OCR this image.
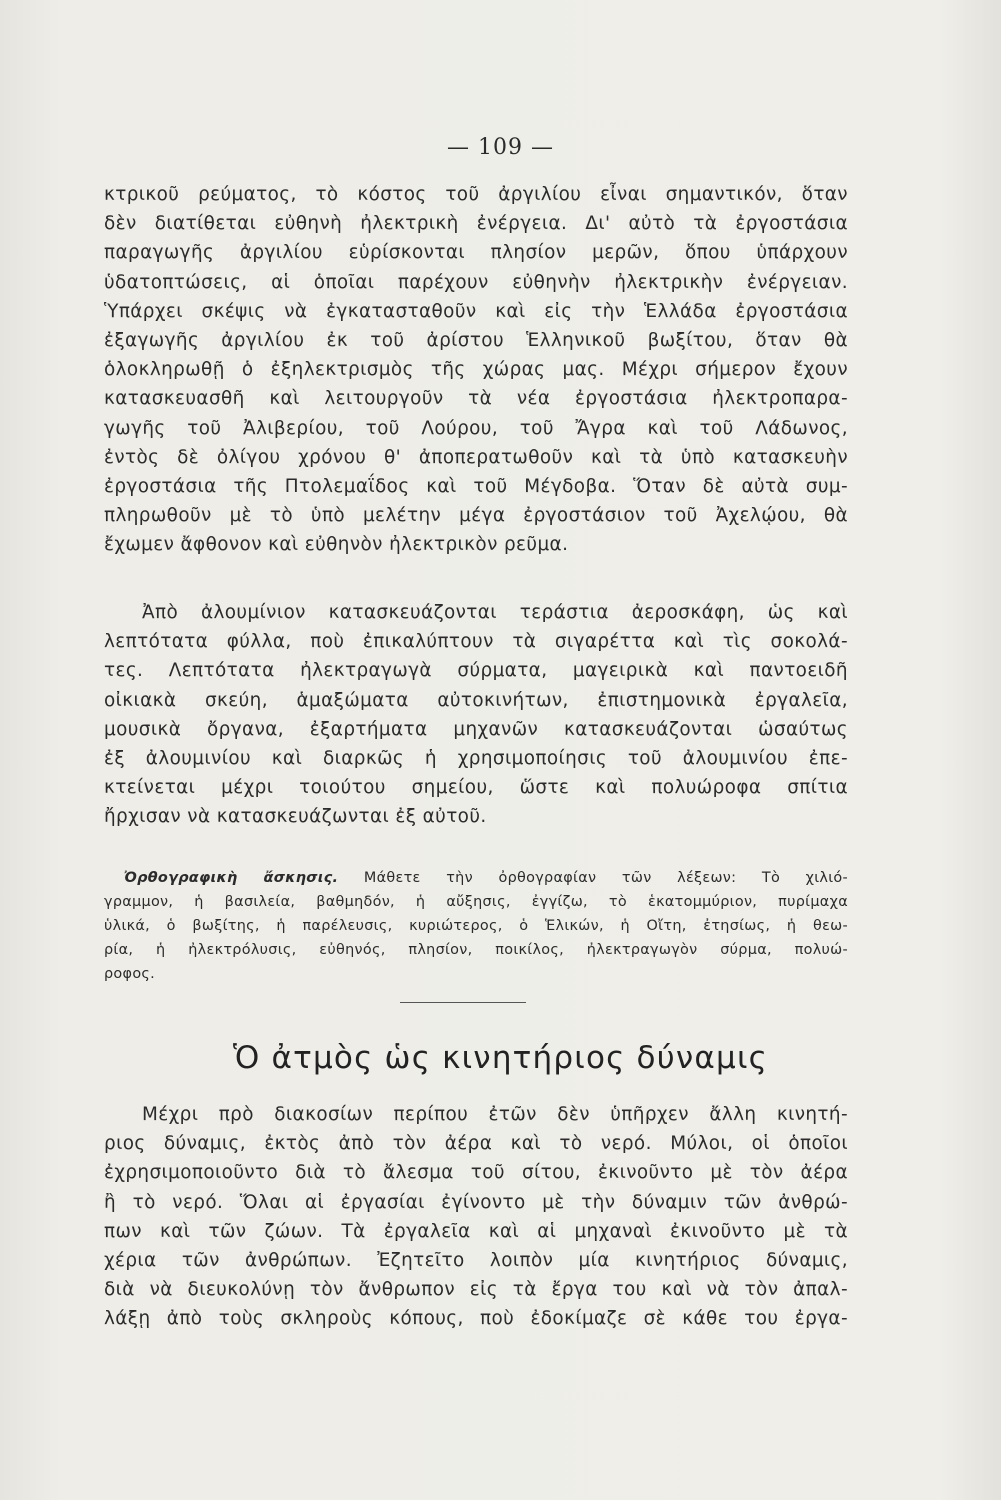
— 109 —
κτρικοῦ ρεύματος, τὸ κόστος τοῦ ἀργιλίου εἶναι σημαντικόν, ὅταν
δὲν διατίθεται εὐθηνὴ ἠλεκτρικὴ ἐνέργεια. Δι' αὐτὸ τὰ ἐργοστάσια
παραγωγῆς ἀργιλίου εὑρίσκονται πλησίον μερῶν, ὅπου ὑπάρχουν
ὑδατοπτώσεις, αἱ ὁποῖαι παρέχουν εὐθηνὴν ἠλεκτρικὴν ἐνέργειαν.
Ὑπάρχει σκέψις νὰ ἐγκατασταθοῦν καὶ εἰς τὴν Ἑλλάδα ἐργοστάσια
ἐξαγωγῆς ἀργιλίου ἐκ τοῦ ἀρίστου Ἑλληνικοῦ βωξίτου, ὅταν θὰ
ὁλοκληρωθῇ ὁ ἐξηλεκτρισμὸς τῆς χώρας μας. Μέχρι σήμερον ἔχουν
κατασκευασθῆ καὶ λειτουργοῦν τὰ νέα ἐργοστάσια ἠλεκτροπαρα-
γωγῆς τοῦ Ἀλιβερίου, τοῦ Λούρου, τοῦ Ἄγρα καὶ τοῦ Λάδωνος,
ἐντὸς δὲ ὀλίγου χρόνου θ' ἀποπερατωθοῦν καὶ τὰ ὑπὸ κατασκευὴν
ἐργοστάσια τῆς Πτολεμαΐδος καὶ τοῦ Μέγδοβα. Ὅταν δὲ αὐτὰ συμ-
πληρωθοῦν μὲ τὸ ὑπὸ μελέτην μέγα ἐργοστάσιον τοῦ Ἀχελῴου, θὰ
ἔχωμεν ἄφθονον καὶ εὐθηνὸν ἠλεκτρικὸν ρεῦμα.
Ἀπὸ ἀλουμίνιον κατασκευάζονται τεράστια ἀεροσκάφη, ὡς καὶ
λεπτότατα φύλλα, ποὺ ἐπικαλύπτουν τὰ σιγαρέττα καὶ τὶς σοκολά-
τες. Λεπτότατα ἠλεκτραγωγὰ σύρματα, μαγειρικὰ καὶ παντοειδῆ
οἰκιακὰ σκεύη, ἁμαξώματα αὐτοκινήτων, ἐπιστημονικὰ ἐργαλεῖα,
μουσικὰ ὄργανα, ἐξαρτήματα μηχανῶν κατασκευάζονται ὡσαύτως
ἐξ ἀλουμινίου καὶ διαρκῶς ἡ χρησιμοποίησις τοῦ ἀλουμινίου ἐπε-
κτείνεται μέχρι τοιούτου σημείου, ὥστε καὶ πολυώροφα σπίτια
ἤρχισαν νὰ κατασκευάζωνται ἐξ αὐτοῦ.
Ὀρθογραφικὴ ἄσκησις. Μάθετε τὴν ὀρθογραφίαν τῶν λέξεων: Τὸ χιλιό-
γραμμον, ἡ βασιλεία, βαθμηδόν, ἡ αὔξησις, ἐγγίζω, τὸ ἑκατομμύριον, πυρίμαχα
ὑλικά, ὁ βωξίτης, ἡ παρέλευσις, κυριώτερος, ὁ Ἑλικών, ἡ Οἴτη, ἐτησίως, ἡ θεω-
ρία, ἡ ἠλεκτρόλυσις, εὐθηνός, πλησίον, ποικίλος, ἠλεκτραγωγὸν σύρμα, πολυώ-
ροφος.
Ὁ ἀτμὸς ὡς κινητήριος δύναμις
Μέχρι πρὸ διακοσίων περίπου ἐτῶν δὲν ὑπῆρχεν ἄλλη κινητή-
ριος δύναμις, ἐκτὸς ἀπὸ τὸν ἀέρα καὶ τὸ νερό. Μύλοι, οἱ ὁποῖοι
ἐχρησιμοποιοῦντο διὰ τὸ ἄλεσμα τοῦ σίτου, ἐκινοῦντο μὲ τὸν ἀέρα
ἢ τὸ νερό. Ὅλαι αἱ ἐργασίαι ἐγίνοντο μὲ τὴν δύναμιν τῶν ἀνθρώ-
πων καὶ τῶν ζώων. Τὰ ἐργαλεῖα καὶ αἱ μηχαναὶ ἐκινοῦντο μὲ τὰ
χέρια τῶν ἀνθρώπων. Ἐζητεῖτο λοιπὸν μία κινητήριος δύναμις,
διὰ νὰ διευκολύνῃ τὸν ἄνθρωπον εἰς τὰ ἔργα του καὶ νὰ τὸν ἀπαλ-
λάξῃ ἀπὸ τοὺς σκληροὺς κόπους, ποὺ ἐδοκίμαζε σὲ κάθε του ἐργα-
